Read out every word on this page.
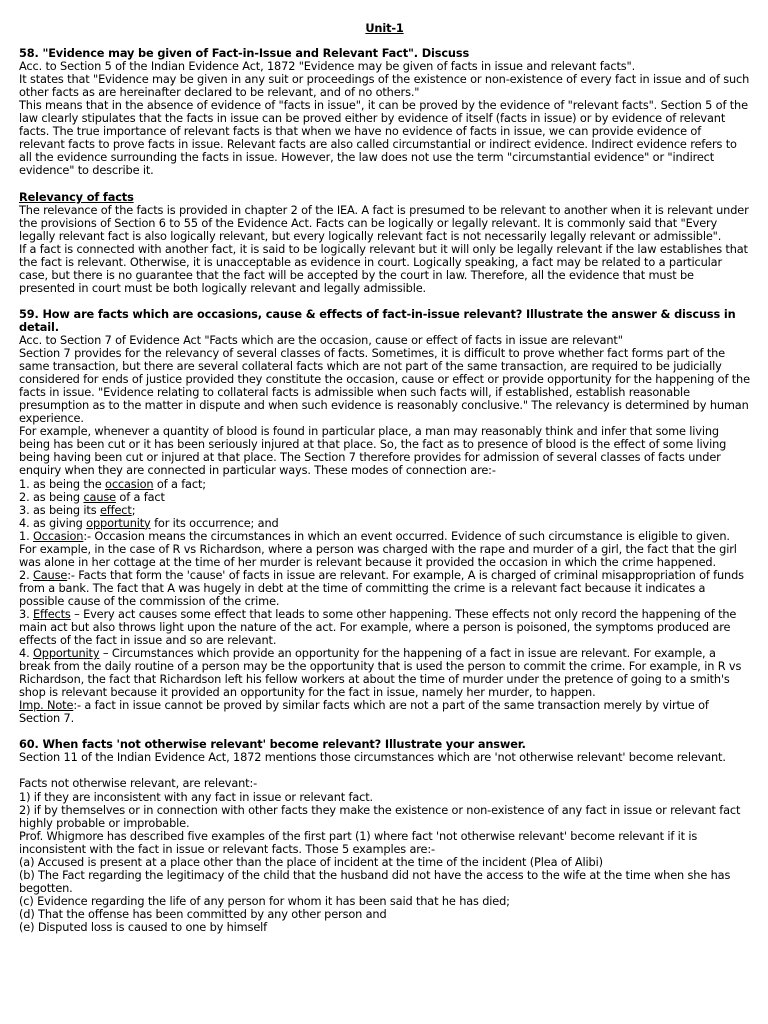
Unit-1

58. "Evidence may be given of Fact-in-Issue and Relevant Fact". Discuss

Acc. to Section 5 of the Indian Evidence Act, 1872 "Evidence may be given of facts in issue and relevant facts".

It states that "Evidence may be given in any suit or proceedings of the existence or non-existence of every fact in issue and of such other facts as are hereinafter declared to be relevant, and of no others."

This means that in the absence of evidence of "facts in issue", it can be proved by the evidence of "relevant facts". Section 5 of the law clearly stipulates that the facts in issue can be proved either by evidence of itself (facts in issue) or by evidence of relevant facts. The true importance of relevant facts is that when we have no evidence of facts in issue, we can provide evidence of relevant facts to prove facts in issue. Relevant facts are also called circumstantial or indirect evidence. Indirect evidence refers to all the evidence surrounding the facts in issue. However, the law does not use the term "circumstantial evidence" or "indirect evidence" to describe it.

Relevancy of facts

The relevance of the facts is provided in chapter 2 of the IEA. A fact is presumed to be relevant to another when it is relevant under the provisions of Section 6 to 55 of the Evidence Act. Facts can be logically or legally relevant. It is commonly said that "Every legally relevant fact is also logically relevant, but every logically relevant fact is not necessarily legally relevant or admissible".

If a fact is connected with another fact, it is said to be logically relevant but it will only be legally relevant if the law establishes that the fact is relevant. Otherwise, it is unacceptable as evidence in court. Logically speaking, a fact may be related to a particular case, but there is no guarantee that the fact will be accepted by the court in law. Therefore, all the evidence that must be presented in court must be both logically relevant and legally admissible.

59. How are facts which are occasions, cause & effects of fact-in-issue relevant? Illustrate the answer & discuss in detail.

Acc. to Section 7 of Evidence Act "Facts which are the occasion, cause or effect of facts in issue are relevant"

Section 7 provides for the relevancy of several classes of facts. Sometimes, it is difficult to prove whether fact forms part of the same transaction, but there are several collateral facts which are not part of the same transaction, are required to be judicially considered for ends of justice provided they constitute the occasion, cause or effect or provide opportunity for the happening of the facts in issue. "Evidence relating to collateral facts is admissible when such facts will, if established, establish reasonable presumption as to the matter in dispute and when such evidence is reasonably conclusive." The relevancy is determined by human experience.

For example, whenever a quantity of blood is found in particular place, a man may reasonably think and infer that some living being has been cut or it has been seriously injured at that place. So, the fact as to presence of blood is the effect of some living being having been cut or injured at that place. The Section 7 therefore provides for admission of several classes of facts under enquiry when they are connected in particular ways. These modes of connection are:-

1. as being the occasion of a fact;
2. as being cause of a fact
3. as being its effect;
4. as giving opportunity for its occurrence; and

1. Occasion:- Occasion means the circumstances in which an event occurred. Evidence of such circumstance is eligible to given. For example, in the case of R vs Richardson, where a person was charged with the rape and murder of a girl, the fact that the girl was alone in her cottage at the time of her murder is relevant because it provided the occasion in which the crime happened.

2. Cause:- Facts that form the 'cause' of facts in issue are relevant. For example, A is charged of criminal misappropriation of funds from a bank. The fact that A was hugely in debt at the time of committing the crime is a relevant fact because it indicates a possible cause of the commission of the crime.

3. Effects – Every act causes some effect that leads to some other happening. These effects not only record the happening of the main act but also throws light upon the nature of the act. For example, where a person is poisoned, the symptoms produced are effects of the fact in issue and so are relevant.

4. Opportunity – Circumstances which provide an opportunity for the happening of a fact in issue are relevant. For example, a break from the daily routine of a person may be the opportunity that is used the person to commit the crime. For example, in R vs Richardson, the fact that Richardson left his fellow workers at about the time of murder under the pretence of going to a smith's shop is relevant because it provided an opportunity for the fact in issue, namely her murder, to happen.

Imp. Note:- a fact in issue cannot be proved by similar facts which are not a part of the same transaction merely by virtue of Section 7.

60. When facts 'not otherwise relevant' become relevant? Illustrate your answer.

Section 11 of the Indian Evidence Act, 1872 mentions those circumstances which are 'not otherwise relevant' become relevant.

Facts not otherwise relevant, are relevant:-

1) if they are inconsistent with any fact in issue or relevant fact.

2) if by themselves or in connection with other facts they make the existence or non-existence of any fact in issue or relevant fact highly probable or improbable.

Prof. Whigmore has described five examples of the first part (1) where fact 'not otherwise relevant' become relevant if it is inconsistent with the fact in issue or relevant facts. Those 5 examples are:-

(a) Accused is present at a place other than the place of incident at the time of the incident (Plea of Alibi)

(b) The Fact regarding the legitimacy of the child that the husband did not have the access to the wife at the time when she has begotten.

(c) Evidence regarding the life of any person for whom it has been said that he has died;

(d) That the offense has been committed by any other person and

(e) Disputed loss is caused to one by himself
